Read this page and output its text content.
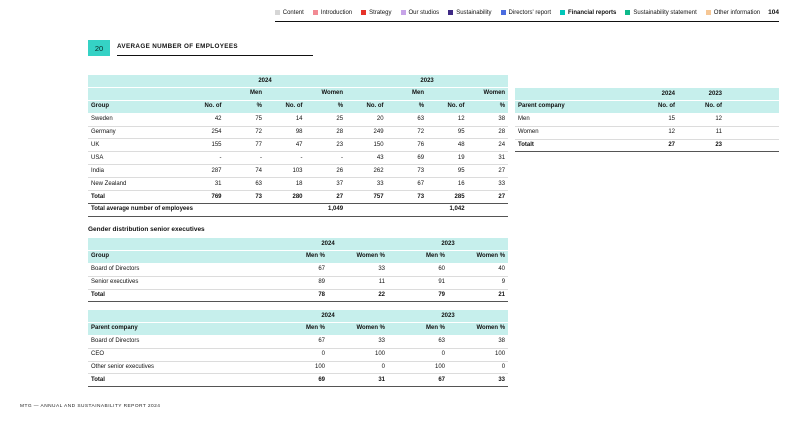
Content	Introduction	Strategy	Our studios	Sustainability	Directors' report	Financial reports	Sustainability statement	Other information 104
20 AVERAGE NUMBER OF EMPLOYEES
	2024				2023			
	Men		Women		Men		Women	
Group	No. of	%	No. of	%	No. of	%	No. of	%
Sweden	42	75	14	25	20	63	12	38
Germany	254	72	98	28	249	72	95	28
UK	155	77	47	23	150	76	48	24
USA	-	-	-	-	43	69	19	31
India	287	74	103	26	262	73	95	27
New Zealand	31	63	18	37	33	67	16	33
Total	769	73	280	27	757	73	285	27
Total average number of employees			1,049		1,042			
	2024	2023	
Parent company	No. of	No. of	
Men	15	12	
Women	12	11	
Totalt	27	23	
Gender distribution senior executives
	2024		2023	
Group	Men %	Women %	Men %	Women %
Board of Directors	67	33	60	40
Senior executives	89	11	91	9
Total	78	22	79	21
	2024		2023	
Parent company	Men %	Women %	Men %	Women %
Board of Directors	67	33	63	38
CEO	0	100	0	100
Other senior executives	100	0	100	0
Total	69	31	67	33
MTG — ANNUAL AND SUSTAINABILITY REPORT 2024
